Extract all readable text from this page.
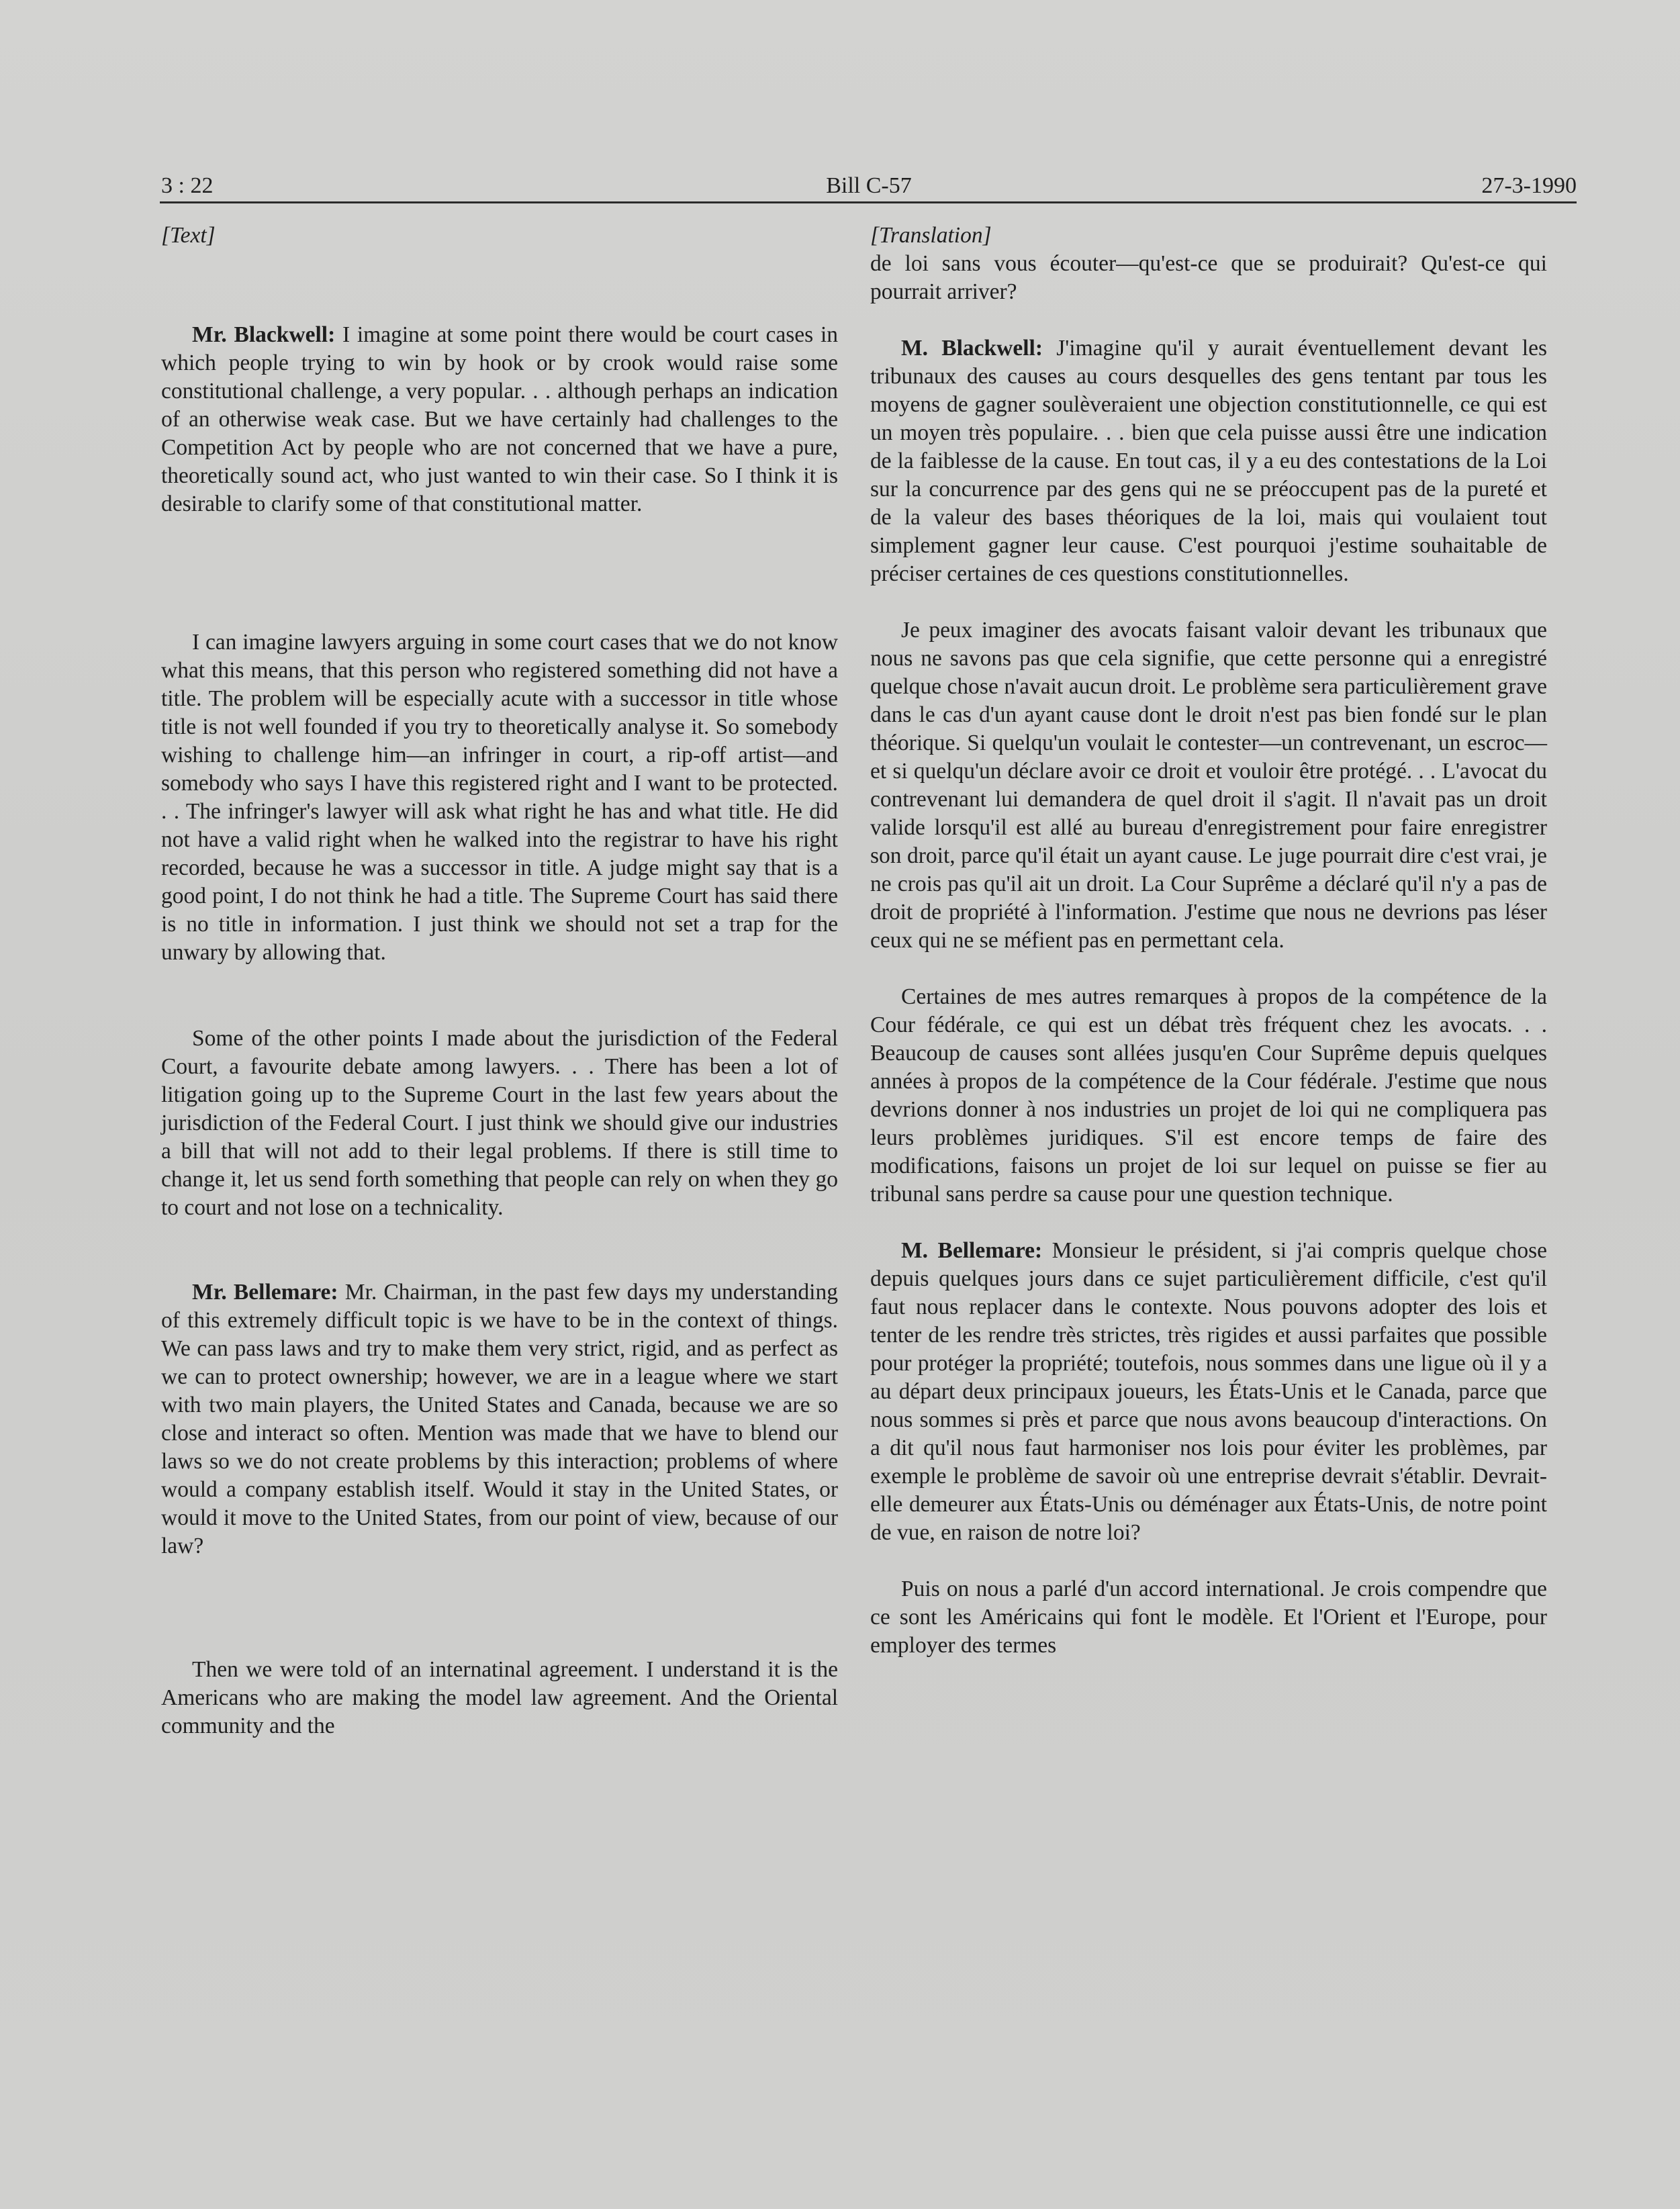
3 : 22	Bill C-57	27-3-1990
[Text]

Mr. Blackwell: I imagine at some point there would be court cases in which people trying to win by hook or by crook would raise some constitutional challenge, a very popular. . . although perhaps an indication of an otherwise weak case. But we have certainly had challenges to the Competition Act by people who are not concerned that we have a pure, theoretically sound act, who just wanted to win their case. So I think it is desirable to clarify some of that constitutional matter.

I can imagine lawyers arguing in some court cases that we do not know what this means, that this person who registered something did not have a title. The problem will be especially acute with a successor in title whose title is not well founded if you try to theoretically analyse it. So somebody wishing to challenge him—an infringer in court, a rip-off artist—and somebody who says I have this registered right and I want to be protected. . . The infringer's lawyer will ask what right he has and what title. He did not have a valid right when he walked into the registrar to have his right recorded, because he was a successor in title. A judge might say that is a good point, I do not think he had a title. The Supreme Court has said there is no title in information. I just think we should not set a trap for the unwary by allowing that.

Some of the other points I made about the jurisdiction of the Federal Court, a favourite debate among lawyers. . . There has been a lot of litigation going up to the Supreme Court in the last few years about the jurisdiction of the Federal Court. I just think we should give our industries a bill that will not add to their legal problems. If there is still time to change it, let us send forth something that people can rely on when they go to court and not lose on a technicality.

Mr. Bellemare: Mr. Chairman, in the past few days my understanding of this extremely difficult topic is we have to be in the context of things. We can pass laws and try to make them very strict, rigid, and as perfect as we can to protect ownership; however, we are in a league where we start with two main players, the United States and Canada, because we are so close and interact so often. Mention was made that we have to blend our laws so we do not create problems by this interaction; problems of where would a company establish itself. Would it stay in the United States, or would it move to the United States, from our point of view, because of our law?

Then we were told of an internatinal agreement. I understand it is the Americans who are making the model law agreement. And the Oriental community and the

[Translation]

de loi sans vous écouter—qu'est-ce que se produirait? Qu'est-ce qui pourrait arriver?

M. Blackwell: J'imagine qu'il y aurait éventuellement devant les tribunaux des causes au cours desquelles des gens tentant par tous les moyens de gagner soulèveraient une objection constitutionnelle, ce qui est un moyen très populaire. . . bien que cela puisse aussi être une indication de la faiblesse de la cause. En tout cas, il y a eu des contestations de la Loi sur la concurrence par des gens qui ne se préoccupent pas de la pureté et de la valeur des bases théoriques de la loi, mais qui voulaient tout simplement gagner leur cause. C'est pourquoi j'estime souhaitable de préciser certaines de ces questions constitutionnelles.

Je peux imaginer des avocats faisant valoir devant les tribunaux que nous ne savons pas que cela signifie, que cette personne qui a enregistré quelque chose n'avait aucun droit. Le problème sera particulièrement grave dans le cas d'un ayant cause dont le droit n'est pas bien fondé sur le plan théorique. Si quelqu'un voulait le contester—un contrevenant, un escroc—et si quelqu'un déclare avoir ce droit et vouloir être protégé. . . L'avocat du contrevenant lui demandera de quel droit il s'agit. Il n'avait pas un droit valide lorsqu'il est allé au bureau d'enregistrement pour faire enregistrer son droit, parce qu'il était un ayant cause. Le juge pourrait dire c'est vrai, je ne crois pas qu'il ait un droit. La Cour Suprême a déclaré qu'il n'y a pas de droit de propriété à l'information. J'estime que nous ne devrions pas léser ceux qui ne se méfient pas en permettant cela.

Certaines de mes autres remarques à propos de la compétence de la Cour fédérale, ce qui est un débat très fréquent chez les avocats. . . Beaucoup de causes sont allées jusqu'en Cour Suprême depuis quelques années à propos de la compétence de la Cour fédérale. J'estime que nous devrions donner à nos industries un projet de loi qui ne compliquera pas leurs problèmes juridiques. S'il est encore temps de faire des modifications, faisons un projet de loi sur lequel on puisse se fier au tribunal sans perdre sa cause pour une question technique.

M. Bellemare: Monsieur le président, si j'ai compris quelque chose depuis quelques jours dans ce sujet particulièrement difficile, c'est qu'il faut nous replacer dans le contexte. Nous pouvons adopter des lois et tenter de les rendre très strictes, très rigides et aussi parfaites que possible pour protéger la propriété; toutefois, nous sommes dans une ligue où il y a au départ deux principaux joueurs, les États-Unis et le Canada, parce que nous sommes si près et parce que nous avons beaucoup d'interactions. On a dit qu'il nous faut harmoniser nos lois pour éviter les problèmes, par exemple le problème de savoir où une entreprise devrait s'établir. Devrait-elle demeurer aux États-Unis ou déménager aux États-Unis, de notre point de vue, en raison de notre loi?

Puis on nous a parlé d'un accord international. Je crois compendre que ce sont les Américains qui font le modèle. Et l'Orient et l'Europe, pour employer des termes
